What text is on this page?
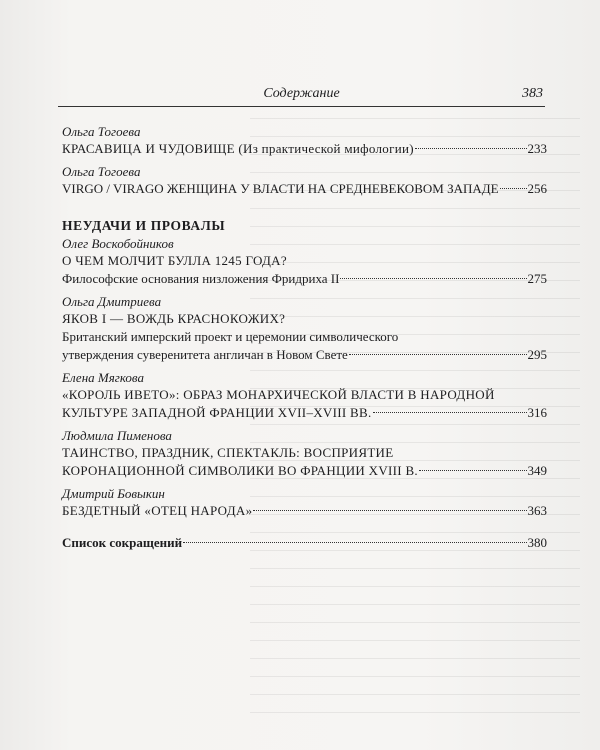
Содержание	383
Ольга Тогоева
КРАСАВИЦА И ЧУДОВИЩЕ (Из практической мифологии)	233
Ольга Тогоева
VIRGO / VIRAGO ЖЕНЩИНА У ВЛАСТИ НА СРЕДНЕВЕКОВОМ ЗАПАДЕ 256
НЕУДАЧИ И ПРОВАЛЫ
Олег Воскобойников
О ЧЕМ МОЛЧИТ БУЛЛА 1245 ГОДА?
Философские основания низложения Фридриха II	275
Ольга Дмитриева
ЯКОВ I — ВОЖДЬ КРАСНОКОЖИХ?
Британский имперский проект и церемонии символического
утверждения суверенитета англичан в Новом Свете	295
Елена Мягкова
«КОРОЛЬ ИВЕТО»: ОБРАЗ МОНАРХИЧЕСКОЙ ВЛАСТИ В НАРОДНОЙ
КУЛЬТУРЕ ЗАПАДНОЙ ФРАНЦИИ XVII–XVIII ВВ.	316
Людмила Пименова
ТАИНСТВО, ПРАЗДНИК, СПЕКТАКЛЬ: ВОСПРИЯТИЕ
КОРОНАЦИОННОЙ СИМВОЛИКИ ВО ФРАНЦИИ XVIII В.	349
Дмитрий Бовыкин
БЕЗДЕТНЫЙ «ОТЕЦ НАРОДА»	363
Список сокращений	380
